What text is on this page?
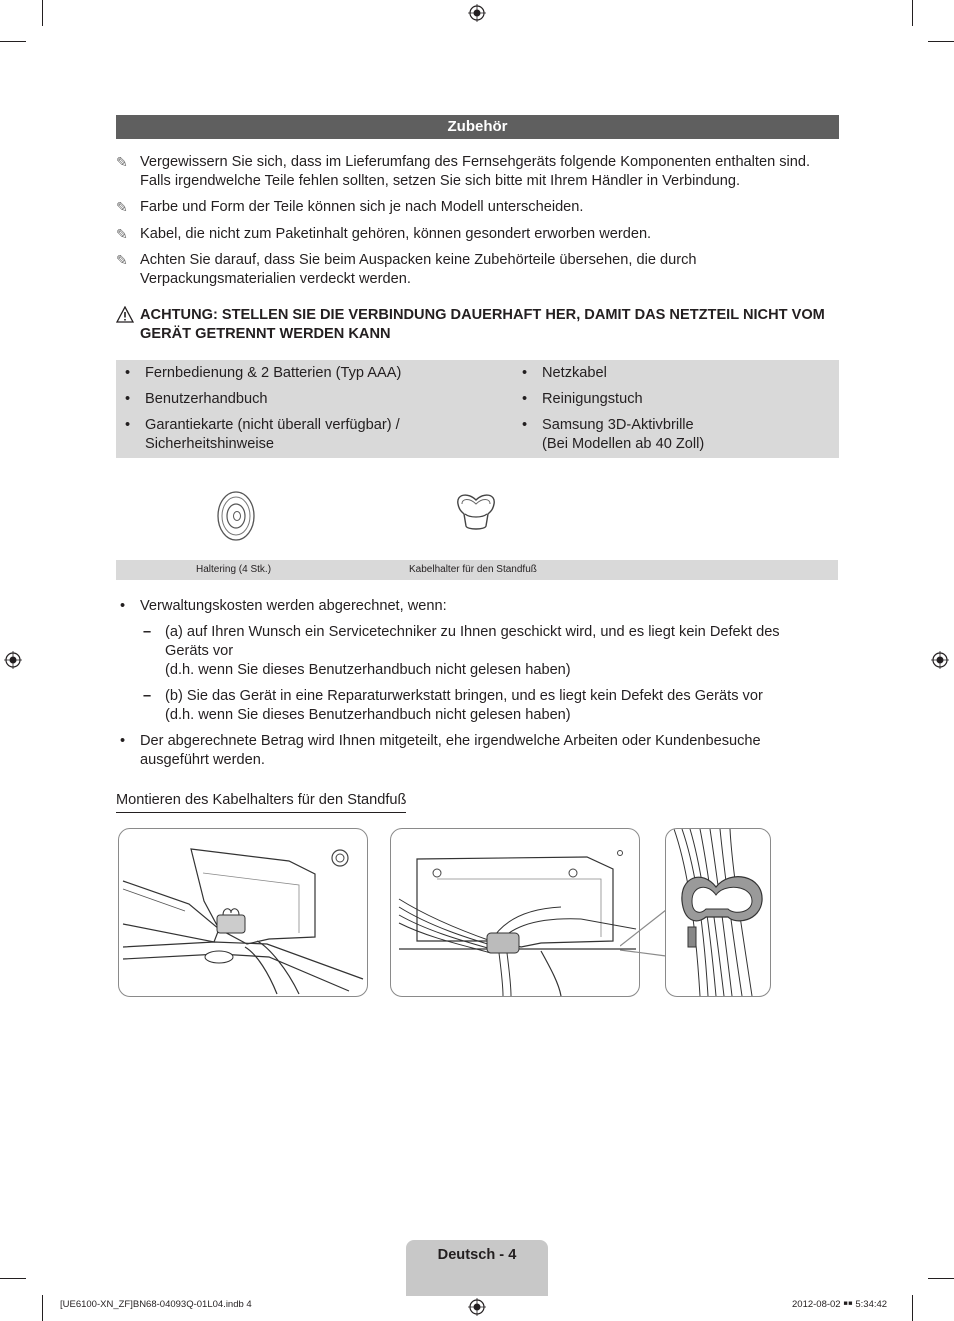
Zubehör
✎ Vergewissern Sie sich, dass im Lieferumfang des Fernsehgeräts folgende Komponenten enthalten sind. Falls irgendwelche Teile fehlen sollten, setzen Sie sich bitte mit Ihrem Händler in Verbindung.
✎ Farbe und Form der Teile können sich je nach Modell unterscheiden.
✎ Kabel, die nicht zum Paketinhalt gehören, können gesondert erworben werden.
✎ Achten Sie darauf, dass Sie beim Auspacken keine Zubehörteile übersehen, die durch Verpackungsmaterialien verdeckt werden.
ACHTUNG: STELLEN SIE DIE VERBINDUNG DAUERHAFT HER, DAMIT DAS NETZTEIL NICHT VOM GERÄT GETRENNT WERDEN KANN
• Fernbedienung & 2 Batterien (Typ AAA)
• Benutzerhandbuch
• Garantiekarte (nicht überall verfügbar) / Sicherheitshinweise
• Netzkabel
• Reinigungstuch
• Samsung 3D-Aktivbrille (Bei Modellen ab 40 Zoll)
Haltering (4 Stk.)	Kabelhalter für den Standfuß
• Verwaltungskosten werden abgerechnet, wenn:
– (a) auf Ihren Wunsch ein Servicetechniker zu Ihnen geschickt wird, und es liegt kein Defekt des Geräts vor
(d.h. wenn Sie dieses Benutzerhandbuch nicht gelesen haben)
– (b) Sie das Gerät in eine Reparaturwerkstatt bringen, und es liegt kein Defekt des Geräts vor
(d.h. wenn Sie dieses Benutzerhandbuch nicht gelesen haben)
• Der abgerechnete Betrag wird Ihnen mitgeteilt, ehe irgendwelche Arbeiten oder Kundenbesuche ausgeführt werden.
Montieren des Kabelhalters für den Standfuß
Deutsch - 4
[UE6100-XN_ZF]BN68-04093Q-01L04.indb 4	2012-08-02 ￭￭ 5:34:42
